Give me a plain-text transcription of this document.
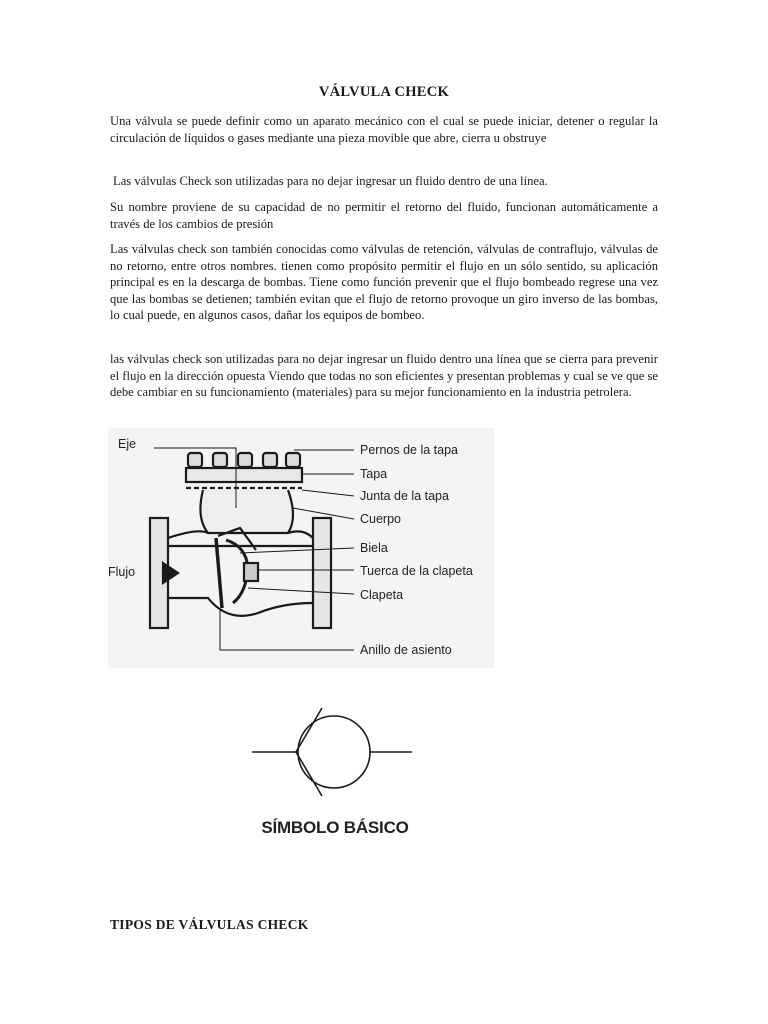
VÁLVULA CHECK

Una válvula se puede definir como un aparato mecánico con el cual se puede iniciar, detener o regular la circulación de líquidos o gases mediante una pieza movible que abre, cierra u obstruye

Las válvulas Check son utilizadas para no dejar ingresar un fluido dentro de una línea.

Su nombre proviene de su capacidad de no permitir el retorno del fluido, funcionan automáticamente a través de los cambios de presión

Las válvulas check son también conocidas como válvulas de retención, válvulas de contraflujo, válvulas de no retorno, entre otros nombres. tienen como propósito permitir el flujo en un sólo sentido, su aplicación principal es en la descarga de bombas. Tiene como función prevenir que el flujo bombeado regrese una vez que las bombas se detienen; también evitan que el flujo de retorno provoque un giro inverso de las bombas, lo cual puede, en algunos casos, dañar los equipos de bombeo.

las válvulas check son utilizadas para no dejar ingresar un fluido dentro una línea que se cierra para prevenir el flujo en la dirección opuesta Viendo que todas no son eficientes y presentan problemas y cual se ve que se debe cambiar en su funcionamiento (materiales) para su mejor funcionamiento en la industria petrolera.

Eje
Flujo
Pernos de la tapa
Tapa
Junta de la tapa
Cuerpo
Biela
Tuerca de la clapeta
Clapeta
Anillo de asiento
SÍMBOLO BÁSICO
TIPOS DE VÁLVULAS CHECK
